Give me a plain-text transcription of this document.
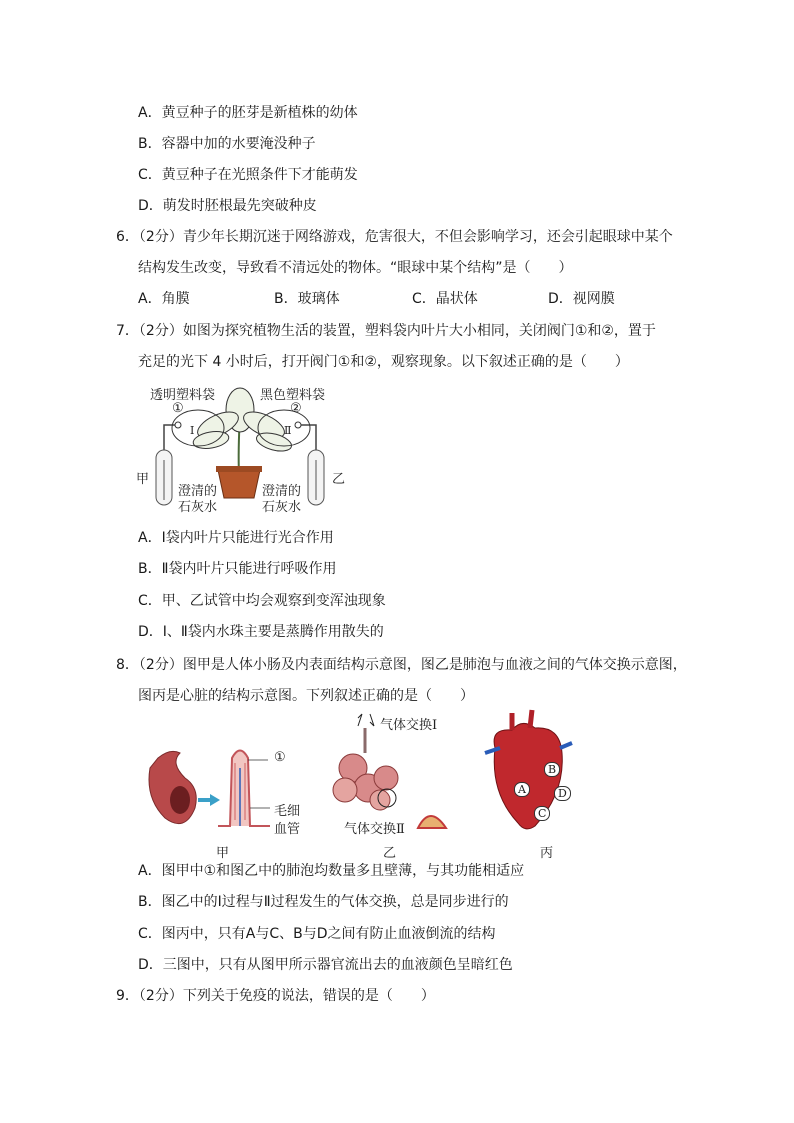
A．黄豆种子的胚芽是新植株的幼体
B．容器中加的水要淹没种子
C．黄豆种子在光照条件下才能萌发
D．萌发时胚根最先突破种皮
6．（2分）青少年长期沉迷于网络游戏，危害很大，不但会影响学习，还会引起眼球中某个
结构发生改变，导致看不清远处的物体。“眼球中某个结构”是（　　）
A．角膜	B．玻璃体	C．晶状体	D．视网膜
7．（2分）如图为探究植物生活的装置，塑料袋内叶片大小相同，关闭阀门①和②，置于
充足的光下 4 小时后，打开阀门①和②，观察现象。以下叙述正确的是（　　）
透明塑料袋	黑色塑料袋
①	②
Ⅰ	Ⅱ
甲	乙
澄清的
石灰水
澄清的
石灰水
A．Ⅰ袋内叶片只能进行光合作用
B．Ⅱ袋内叶片只能进行呼吸作用
C．甲、乙试管中均会观察到变浑浊现象
D．Ⅰ、Ⅱ袋内水珠主要是蒸腾作用散失的
8．（2分）图甲是人体小肠及内表面结构示意图，图乙是肺泡与血液之间的气体交换示意图，
图丙是心脏的结构示意图。下列叙述正确的是（　　）
①
毛细
血管
气体交换Ⅰ
气体交换Ⅱ
A
B
C
D
甲	乙	丙
A．图甲中①和图乙中的肺泡均数量多且壁薄，与其功能相适应
B．图乙中的Ⅰ过程与Ⅱ过程发生的气体交换，总是同步进行的
C．图丙中，只有A与C、B与D之间有防止血液倒流的结构
D．三图中，只有从图甲所示器官流出去的血液颜色呈暗红色
9．（2分）下列关于免疫的说法，错误的是（　　）
